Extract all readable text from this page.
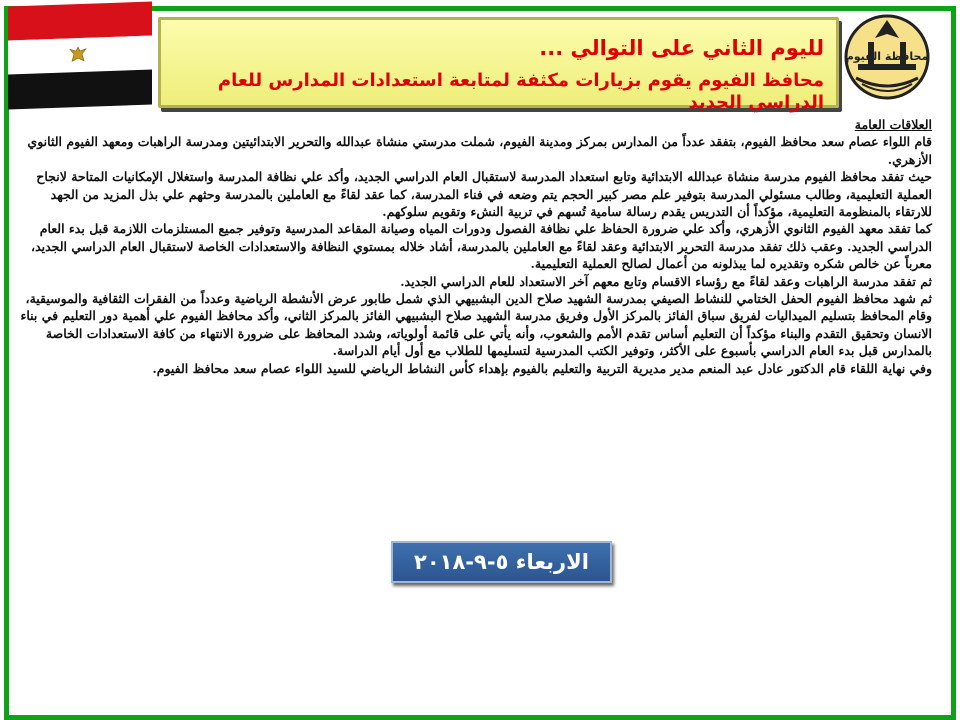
لليوم الثاني على التوالي ...
محافظ الفيوم يقوم بزيارات مكثفة لمتابعة استعدادات المدارس للعام الدراسي الجديد
محافظة الفيوم

العلاقات العامة

قام اللواء عصام سعد محافظ الفيوم، بتفقد عدداً من المدارس بمركز ومدينة الفيوم، شملت مدرستي منشاة عبدالله والتحرير الابتدائيتين ومدرسة الراهبات ومعهد الفيوم الثانوي الأزهري.

حيث تفقد محافظ الفيوم مدرسة منشاة عبدالله الابتدائية وتابع استعداد المدرسة لاستقبال العام الدراسي الجديد، وأكد علي نظافة المدرسة واستغلال الإمكانيات المتاحة لانجاح العملية التعليمية، وطالب مسئولي المدرسة بتوفير علم مصر كبير الحجم يتم وضعه في فناء المدرسة، كما عقد لقاءً مع العاملين بالمدرسة وحثهم علي بذل المزيد من الجهد للارتقاء بالمنظومة التعليمية، مؤكداً أن التدريس يقدم رسالة سامية تُسهم في تربية النشء وتقويم سلوكهم.

كما تفقد معهد الفيوم الثانوي الأزهري، وأكد علي ضرورة الحفاظ علي نظافة الفصول ودورات المياه وصيانة المقاعد المدرسية وتوفير جميع المستلزمات اللازمة قبل بدء العام الدراسي الجديد. وعقب ذلك تفقد مدرسة التحرير الابتدائية وعقد لقاءً مع العاملين بالمدرسة، أشاد خلاله بمستوي النظافة والاستعدادات الخاصة لاستقبال العام الدراسي الجديد، معرباً عن خالص شكره وتقديره لما يبذلونه من أعمال لصالح العملية التعليمية.

ثم تفقد مدرسة الراهبات وعقد لقاءً مع رؤساء الاقسام وتابع معهم آخر الاستعداد للعام الدراسي الجديد.

ثم شهد محافظ الفيوم الحفل الختامي للنشاط الصيفي بمدرسة الشهيد صلاح الدين البشبيهي الذي شمل طابور عرض الأنشطة الرياضية وعدداً من الفقرات الثقافية والموسيقية، وقام المحافظ بتسليم الميداليات لفريق سباق الفائز بالمركز الأول وفريق مدرسة الشهيد صلاح البشبيهي الفائز بالمركز الثاني، وأكد محافظ الفيوم علي أهمية دور التعليم في بناء الانسان وتحقيق التقدم والبناء مؤكداً أن التعليم أساس تقدم الأمم والشعوب، وأنه يأتي على قائمة أولوياته، وشدد المحافظ على ضرورة الانتهاء من كافة الاستعدادات الخاصة بالمدارس قبل بدء العام الدراسي بأسبوع على الأكثر، وتوفير الكتب المدرسية لتسليمها للطلاب مع أول أيام الدراسة.

وفي نهاية اللقاء قام الدكتور عادل عبد المنعم مدير مديرية التربية والتعليم بالفيوم بإهداء كأس النشاط الرياضي للسيد اللواء عصام سعد محافظ الفيوم.

الاربعاء ٥-٩-٢٠١٨
